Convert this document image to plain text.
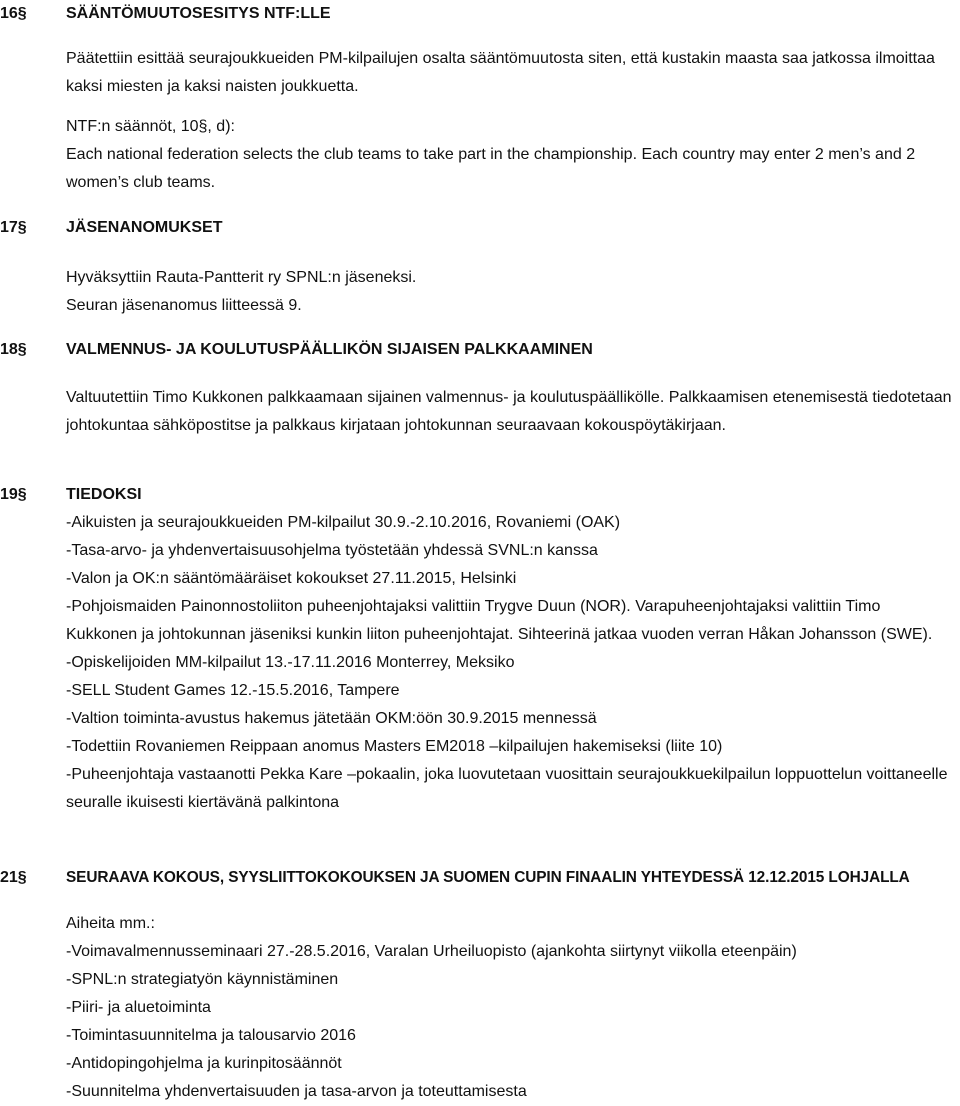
16§	SÄÄNTÖMUUTOSESITYS NTF:LLE

Päätettiin esittää seurajoukkueiden PM-kilpailujen osalta sääntömuutosta siten, että kustakin maasta saa jatkossa ilmoittaa kaksi miesten ja kaksi naisten joukkuetta.

NTF:n säännöt, 10§, d):

Each national federation selects the club teams to take part in the championship. Each country may enter 2 men’s and 2 women’s club teams.

17§	JÄSENANOMUKSET

Hyväksyttiin Rauta-Pantterit ry SPNL:n jäseneksi.

Seuran jäsenanomus liitteessä 9.

18§	VALMENNUS- JA KOULUTUSPÄÄLLIKÖN SIJAISEN PALKKAAMINEN

Valtuutettiin Timo Kukkonen palkkaamaan sijainen valmennus- ja koulutuspäällikölle. Palkkaamisen etenemisestä tiedotetaan johtokuntaa sähköpostitse ja palkkaus kirjataan johtokunnan seuraavaan kokouspöytäkirjaan.

19§	TIEDOKSI

-Aikuisten ja seurajoukkueiden PM-kilpailut 30.9.-2.10.2016, Rovaniemi (OAK)

-Tasa-arvo- ja yhdenvertaisuusohjelma työstetään yhdessä SVNL:n kanssa

-Valon ja OK:n sääntömääräiset kokoukset 27.11.2015, Helsinki

-Pohjoismaiden Painonnostoliiton puheenjohtajaksi valittiin Trygve Duun (NOR). Varapuheenjohtajaksi valittiin Timo Kukkonen ja johtokunnan jäseniksi kunkin liiton puheenjohtajat. Sihteerinä jatkaa vuoden verran Håkan Johansson (SWE).

-Opiskelijoiden MM-kilpailut 13.-17.11.2016 Monterrey, Meksiko

-SELL Student Games 12.-15.5.2016, Tampere

-Valtion toiminta-avustus hakemus jätetään OKM:öön 30.9.2015 mennessä

-Todettiin Rovaniemen Reippaan anomus Masters EM2018 –kilpailujen hakemiseksi (liite 10)

-Puheenjohtaja vastaanotti Pekka Kare –pokaalin, joka luovutetaan vuosittain seurajoukkuekilpailun loppuottelun voittaneelle seuralle ikuisesti kiertävänä palkintona

21§	SEURAAVA KOKOUS, SYYSLIITTOKOKOUKSEN JA SUOMEN CUPIN FINAALIN YHTEYDESSÄ 12.12.2015 LOHJALLA

Aiheita mm.:

-Voimavalmennusseminaari 27.-28.5.2016, Varalan Urheiluopisto (ajankohta siirtynyt viikolla eteenpäin)

-SPNL:n strategiatyön käynnistäminen

-Piiri- ja aluetoiminta

-Toimintasuunnitelma ja talousarvio 2016

-Antidopingohjelma ja kurinpitosäännöt

-Suunnitelma yhdenvertaisuuden ja tasa-arvon ja toteuttamisesta
